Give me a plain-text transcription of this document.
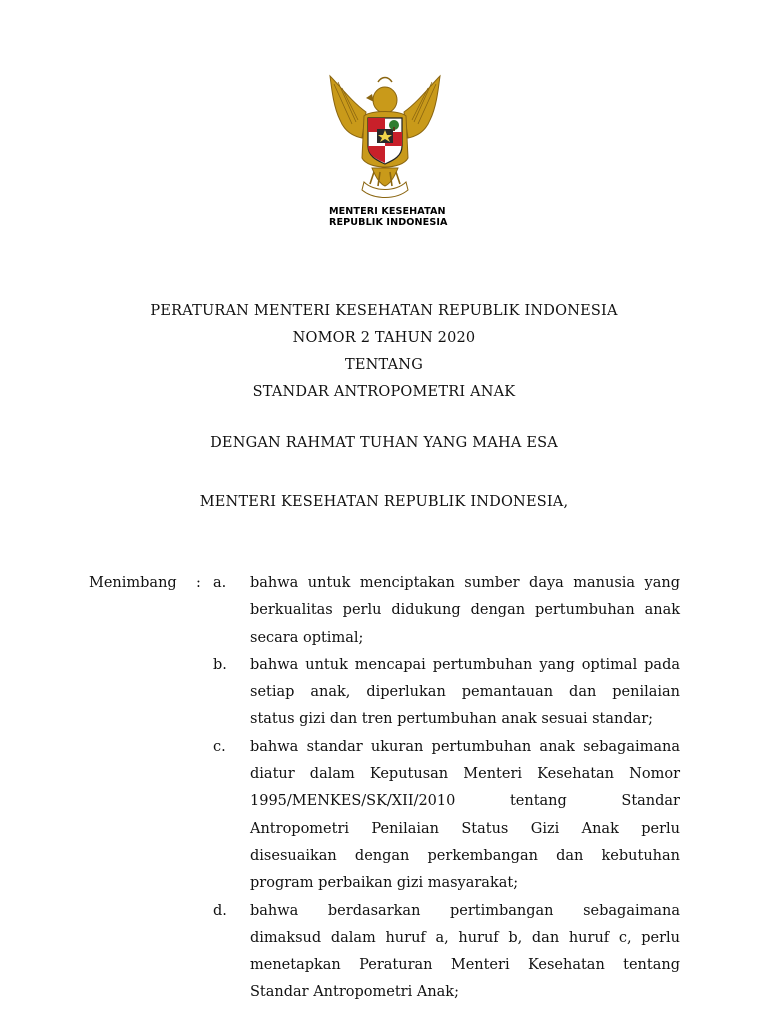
MENTERI KESEHATAN
REPUBLIK INDONESIA
PERATURAN MENTERI KESEHATAN REPUBLIK INDONESIA
NOMOR 2 TAHUN 2020
TENTANG
STANDAR ANTROPOMETRI ANAK
DENGAN RAHMAT TUHAN YANG MAHA ESA
MENTERI KESEHATAN REPUBLIK INDONESIA,
Menimbang : a.	bahwa untuk menciptakan sumber daya manusia yang
berkualitas perlu didukung dengan pertumbuhan anak
secara optimal;
b.	bahwa untuk mencapai pertumbuhan yang optimal pada
setiap anak, diperlukan pemantauan dan penilaian
status gizi dan tren pertumbuhan anak sesuai standar;
c.	bahwa standar ukuran pertumbuhan anak sebagaimana
diatur dalam Keputusan Menteri Kesehatan Nomor
1995/MENKES/SK/XII/2010 tentang Standar
Antropometri Penilaian Status Gizi Anak perlu
disesuaikan dengan perkembangan dan kebutuhan
program perbaikan gizi masyarakat;
d.	bahwa berdasarkan pertimbangan sebagaimana
dimaksud dalam huruf a, huruf b, dan huruf c, perlu
menetapkan Peraturan Menteri Kesehatan tentang
Standar Antropometri Anak;
